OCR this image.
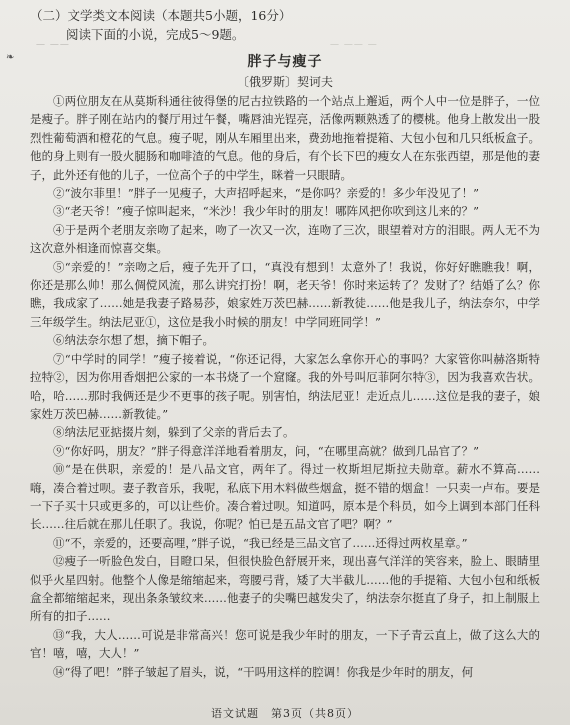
❧
— ——	— —— —

（二）文学类文本阅读（本题共5小题，16分）

阅读下面的小说，完成5～9题。

胖子与瘦子
〔俄罗斯〕契诃夫

①两位朋友在从莫斯科通往彼得堡的尼古拉铁路的一个站点上邂逅，两个人中一位是胖子，一位是瘦子。胖子刚在站内的餐厅用过午餐，嘴唇油光锃亮，活像两颗熟透了的樱桃。他身上散发出一股烈性葡萄酒和橙花的气息。瘦子呢，刚从车厢里出来，费劲地拖着提箱、大包小包和几只纸板盒子。他的身上则有一股火腿肠和咖啡渣的气息。他的身后，有个长下巴的瘦女人在东张西望，那是他的妻子，此外还有他的儿子，一位高个子的中学生，眯着一只眼睛。

②“波尔菲里！”胖子一见瘦子，大声招呼起来，“是你吗？亲爱的！多少年没见了！”

③“老天爷！”瘦子惊叫起来，“米沙！我少年时的朋友！哪阵风把你吹到这儿来的？”

④于是两个老朋友亲吻了起来，吻了一次又一次，连吻了三次，眼望着对方的泪眼。两人无不为这次意外相逢而惊喜交集。

⑤“亲爱的！”亲吻之后，瘦子先开了口，“真没有想到！太意外了！我说，你好好瞧瞧我！啊，你还是那么帅！那么倜傥风流，那么讲究打扮！啊，老天爷！你时来运转了？发财了？结婚了么？你瞧，我成家了……她是我妻子路易莎，娘家姓万茨巴赫……新教徒……他是我儿子，纳法奈尔，中学三年级学生。纳法尼亚①，这位是我小时候的朋友！中学同班同学！”

⑥纳法奈尔想了想，摘下帽子。

⑦“中学时的同学！”瘦子接着说，“你还记得，大家怎么拿你开心的事吗？大家管你叫赫洛斯特拉特②，因为你用香烟把公家的一本书烧了一个窟窿。我的外号叫厄菲阿尔特③，因为我喜欢告状。哈，哈……那时我俩还是少不更事的孩子呢。别害怕，纳法尼亚！走近点儿……这位是我的妻子，娘家姓万茨巴赫……新教徒。”

⑧纳法尼亚掂掇片刻，躲到了父亲的背后去了。

⑨“你好吗，朋友？”胖子得意洋洋地看着朋友，问，“在哪里高就？做到几品官了？”

⑩“是在供职，亲爱的！是八品文官，两年了。得过一枚斯坦尼斯拉夫勋章。薪水不算高……嗨，凑合着过呗。妻子教音乐，我呢，私底下用木料做些烟盒，挺不错的烟盒！一只卖一卢布。要是一下子买十只或更多的，可以让些价。凑合着过呗。知道吗，原本是个科员，如今上调到本部门任科长……往后就在那儿任职了。我说，你呢？怕已是五品文官了吧？啊？”

⑪“不，亲爱的，还要高哩，”胖子说，“我已经是三品文官了……还得过两枚星章。”

⑫瘦子一听脸色发白，目瞪口呆，但很快脸色舒展开来，现出喜气洋洋的笑容来，脸上、眼睛里似乎火星四射。他整个人像是缩缩起来，弯腰弓背，矮了大半截儿……他的手提箱、大包小包和纸板盒全都缩缩起来，现出条条皱纹来……他妻子的尖嘴巴越发尖了，纳法奈尔挺直了身子，扣上制服上所有的扣子……

⑬“我，大人……可说是非常高兴！您可说是我少年时的朋友，一下子青云直上，做了这么大的官！嘻，嘻，大人！”

⑭“得了吧！”胖子皱起了眉头，说，“干吗用这样的腔调！你我是少年时的朋友，何

语文试题　第3页（共8页）
